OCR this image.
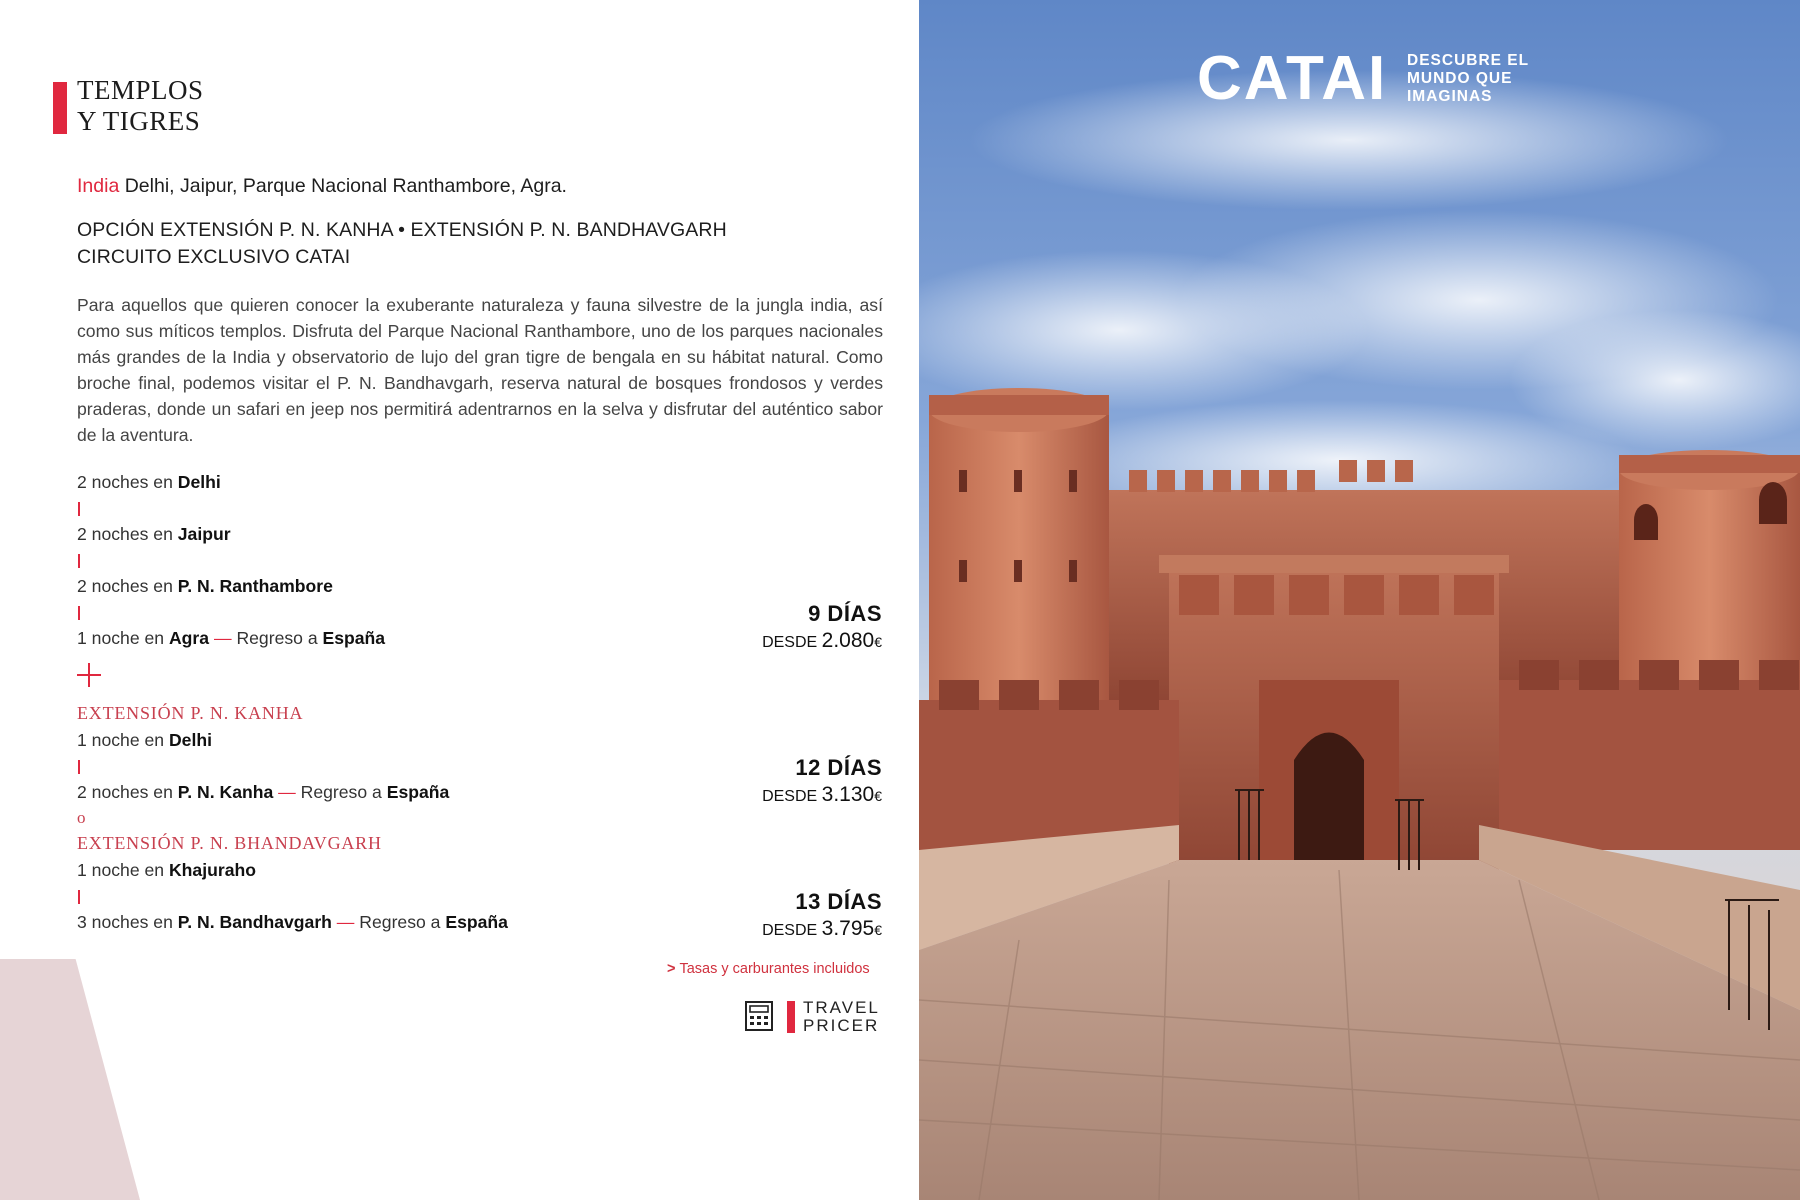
TEMPLOS
Y TIGRES
India Delhi, Jaipur, Parque Nacional Ranthambore, Agra.
OPCIÓN EXTENSIÓN P. N. KANHA • EXTENSIÓN P. N. BANDHAVGARH
CIRCUITO EXCLUSIVO CATAI

Para aquellos que quieren conocer la exuberante naturaleza y fauna silvestre de la jungla india, así como sus míticos templos. Disfruta del Parque Nacional Ranthambore, uno de los parques nacionales más grandes de la India y observatorio de lujo del gran tigre de bengala en su hábitat natural. Como broche final, podemos visitar el P. N. Bandhavgarh, reserva natural de bosques frondosos y verdes praderas, donde un safari en jeep nos permitirá adentrarnos en la selva y disfrutar del auténtico sabor de la aventura.

2 noches en Delhi
2 noches en Jaipur
2 noches en P. N. Ranthambore
1 noche en Agra — Regreso a España
EXTENSIÓN P. N. KANHA
1 noche en Delhi
2 noches en P. N. Kanha — Regreso a España
o
EXTENSIÓN P. N. BHANDAVGARH
1 noche en Khajuraho
3 noches en P. N. Bandhavgarh — Regreso a España
9 DÍAS
DESDE 2.080€
12 DÍAS
DESDE 3.130€
13 DÍAS
DESDE 3.795€
> Tasas y carburantes incluidos
TRAVEL
PRICER
CATAI DESCUBRE EL
MUNDO QUE
IMAGINAS
